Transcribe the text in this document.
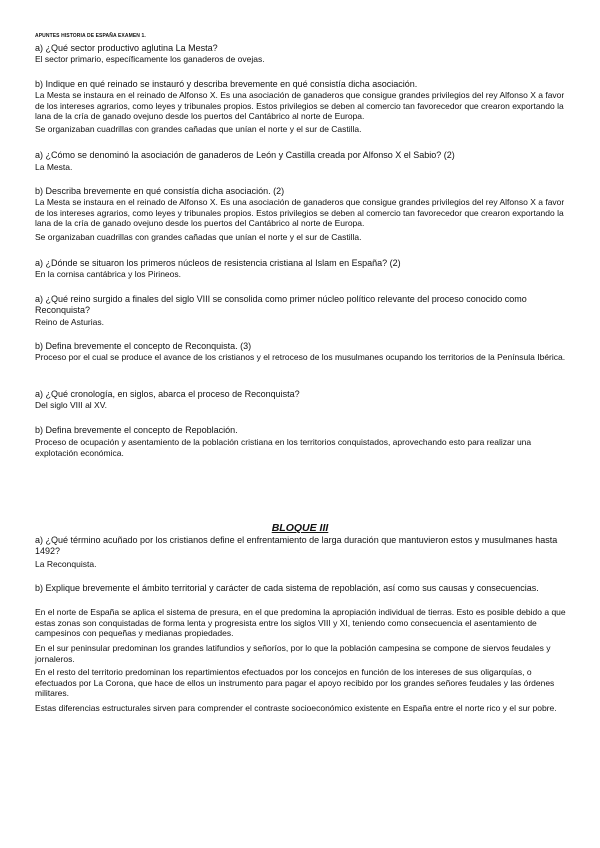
APUNTES HISTORIA DE ESPAÑA EXAMEN 1.

a) ¿Qué sector productivo aglutina La Mesta?

El sector primario, específicamente los ganaderos de ovejas.

b) Indique en qué reinado se instauró y describa brevemente en qué consistía dicha asociación.

La Mesta se instaura en el reinado de Alfonso X. Es una asociación de ganaderos que consigue grandes privilegios del rey Alfonso X a favor de los intereses agrarios, como leyes y tribunales propios. Estos privilegios se deben al comercio tan favorecedor que crearon exportando la lana de la cría de ganado ovejuno desde los puertos del Cantábrico al norte de Europa.

Se organizaban cuadrillas con grandes cañadas que unían el norte y el sur de Castilla.

a) ¿Cómo se denominó la asociación de ganaderos de León y Castilla creada por Alfonso X el Sabio? (2)

La Mesta.

b) Describa brevemente en qué consistía dicha asociación. (2)

La Mesta se instaura en el reinado de Alfonso X. Es una asociación de ganaderos que consigue grandes privilegios del rey Alfonso X a favor de los intereses agrarios, como leyes y tribunales propios. Estos privilegios se deben al comercio tan favorecedor que crearon exportando la lana de la cría de ganado ovejuno desde los puertos del Cantábrico al norte de Europa.

Se organizaban cuadrillas con grandes cañadas que unían el norte y el sur de Castilla.

a) ¿Dónde se situaron los primeros núcleos de resistencia cristiana al Islam en España? (2)

En la cornisa cantábrica y los Pirineos.

a) ¿Qué reino surgido a finales del siglo VIII se consolida como primer núcleo político relevante del proceso conocido como Reconquista?

Reino de Asturias.

b) Defina brevemente el concepto de Reconquista. (3)

Proceso por el cual se produce el avance de los cristianos y el retroceso de los musulmanes ocupando los territorios de la Península Ibérica.

a) ¿Qué cronología, en siglos, abarca el proceso de Reconquista?

Del siglo VIII al XV.

b) Defina brevemente el concepto de Repoblación.

Proceso de ocupación y asentamiento de la población cristiana en los territorios conquistados, aprovechando esto para realizar una explotación económica.

BLOQUE III

a) ¿Qué término acuñado por los cristianos define el enfrentamiento de larga duración que mantuvieron estos y musulmanes hasta 1492?

La Reconquista.

b) Explique brevemente el ámbito territorial y carácter de cada sistema de repoblación, así como sus causas y consecuencias.

En el norte de España se aplica el sistema de presura, en el que predomina la apropiación individual de tierras. Esto es posible debido a que estas zonas son conquistadas de forma lenta y progresista entre los siglos VIII y XI, teniendo como consecuencia el asentamiento de campesinos con pequeñas y medianas propiedades.

En el sur peninsular predominan los grandes latifundios y señoríos, por lo que la población campesina se compone de siervos feudales y jornaleros.

En el resto del territorio predominan los repartimientos efectuados por los concejos en función de los intereses de sus oligarquías, o efectuados por La Corona, que hace de ellos un instrumento para pagar el apoyo recibido por los grandes señores feudales y las órdenes militares.

Estas diferencias estructurales sirven para comprender el contraste socioeconómico existente en España entre el norte rico y el sur pobre.
